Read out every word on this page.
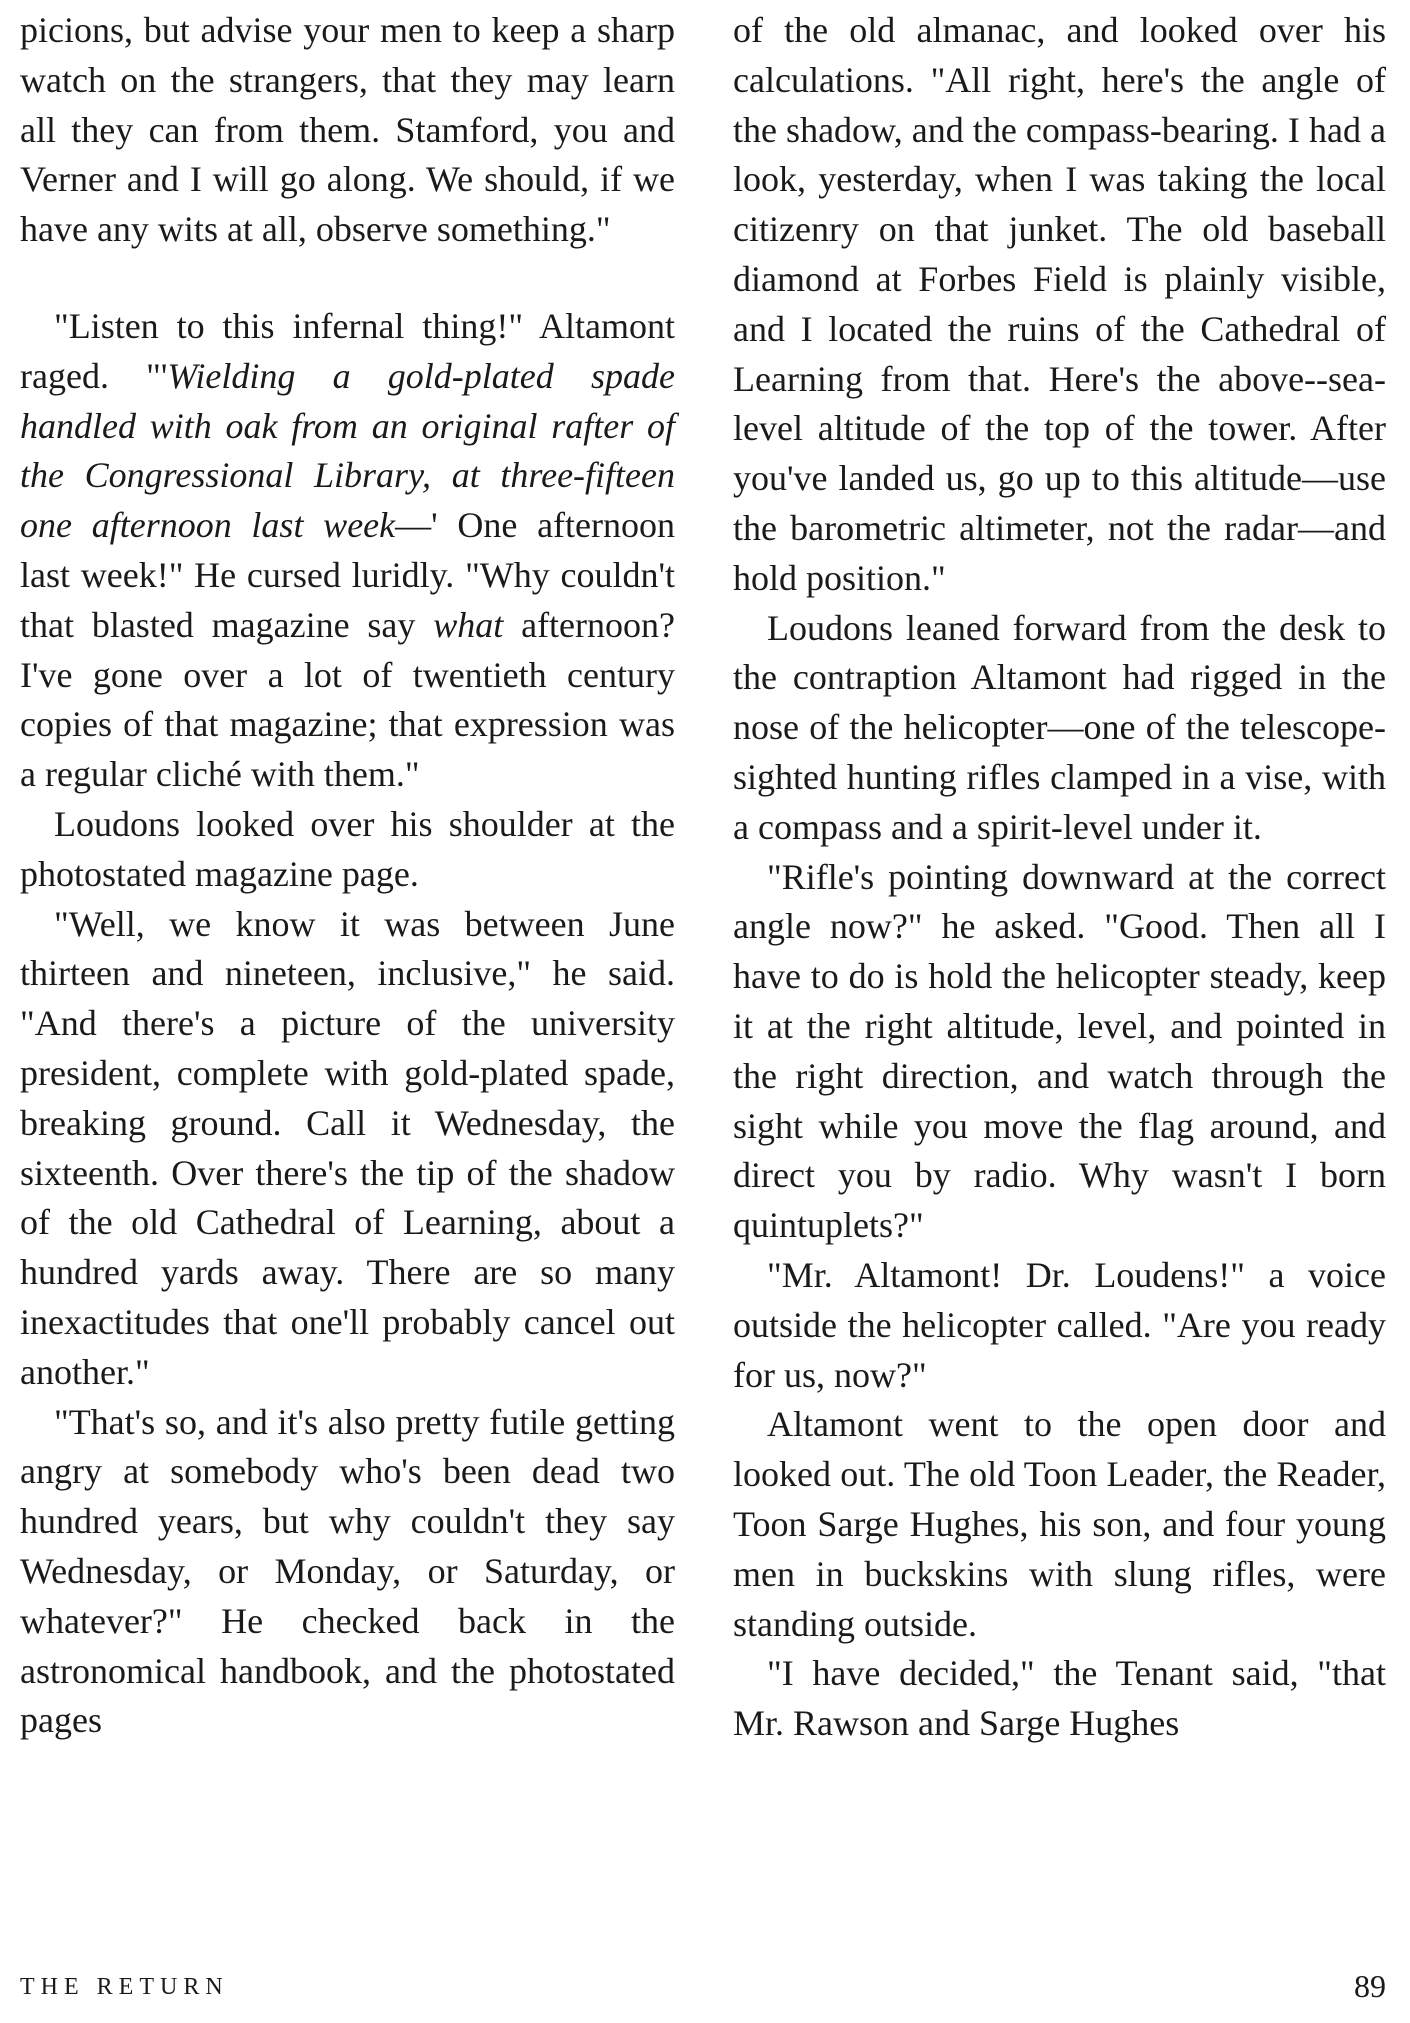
picions, but advise your men to keep a sharp watch on the strangers, that they may learn all they can from them. Stamford, you and Verner and I will go along. We should, if we have any wits at all, observe something."

"Listen to this infernal thing!" Altamont raged. "'Wielding a gold-plated spade handled with oak from an original rafter of the Congressional Library, at three-fifteen one afternoon last week—' One afternoon last week!" He cursed luridly. "Why couldn't that blasted magazine say what afternoon? I've gone over a lot of twentieth century copies of that magazine; that expression was a regular cliché with them."

Loudons looked over his shoulder at the photostated magazine page.

"Well, we know it was between June thirteen and nineteen, inclusive," he said. "And there's a picture of the university president, complete with gold-plated spade, breaking ground. Call it Wednesday, the sixteenth. Over there's the tip of the shadow of the old Cathedral of Learning, about a hundred yards away. There are so many inexactitudes that one'll probably cancel out another."

"That's so, and it's also pretty futile getting angry at somebody who's been dead two hundred years, but why couldn't they say Wednesday, or Monday, or Saturday, or whatever?" He checked back in the astronomical handbook, and the photostated pages

of the old almanac, and looked over his calculations. "All right, here's the angle of the shadow, and the compass-bearing. I had a look, yesterday, when I was taking the local citizenry on that junket. The old baseball diamond at Forbes Field is plainly visible, and I located the ruins of the Cathedral of Learning from that. Here's the above--sea-level altitude of the top of the tower. After you've landed us, go up to this altitude—use the barometric altimeter, not the radar—and hold position."

Loudons leaned forward from the desk to the contraption Altamont had rigged in the nose of the helicopter—one of the telescope-sighted hunting rifles clamped in a vise, with a compass and a spirit-level under it.

"Rifle's pointing downward at the correct angle now?" he asked. "Good. Then all I have to do is hold the helicopter steady, keep it at the right altitude, level, and pointed in the right direction, and watch through the sight while you move the flag around, and direct you by radio. Why wasn't I born quintuplets?"

"Mr. Altamont! Dr. Loudens!" a voice outside the helicopter called. "Are you ready for us, now?"

Altamont went to the open door and looked out. The old Toon Leader, the Reader, Toon Sarge Hughes, his son, and four young men in buckskins with slung rifles, were standing outside.

"I have decided," the Tenant said, "that Mr. Rawson and Sarge Hughes

THE RETURN	89
